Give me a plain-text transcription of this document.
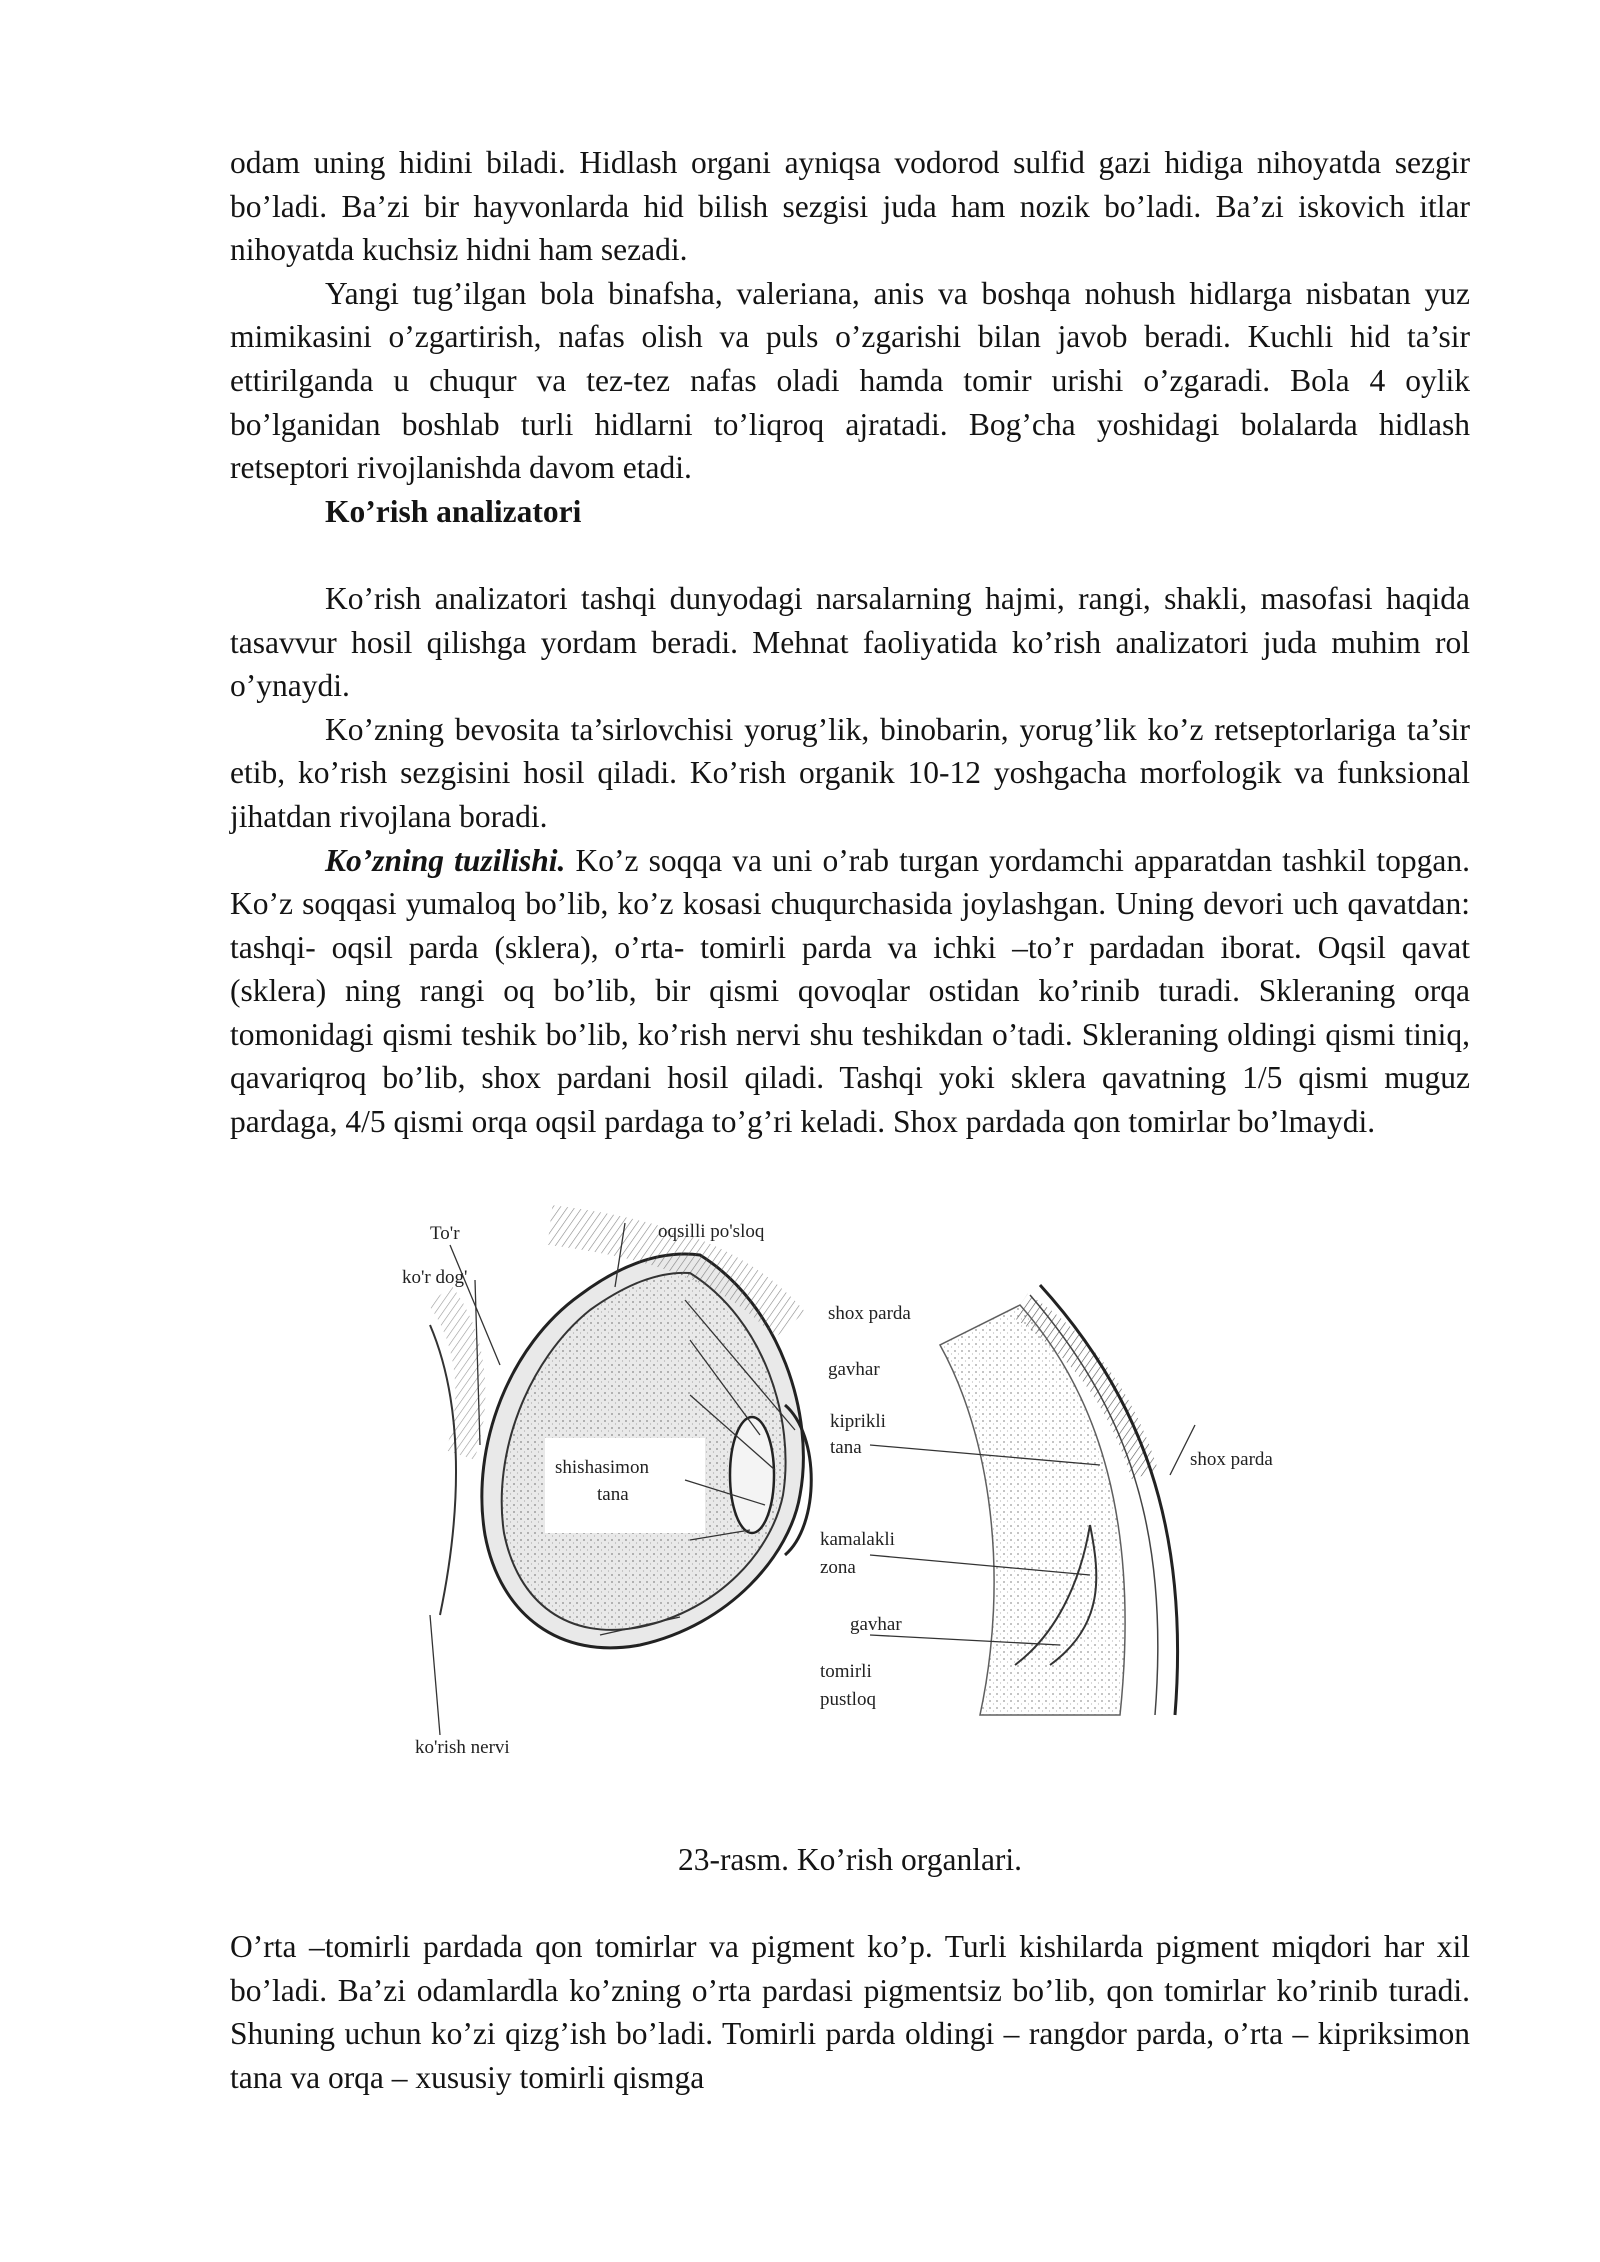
odam uning hidini biladi. Hidlash organi ayniqsa vodorod sulfid gazi hidiga nihoyatda sezgir bo’ladi. Ba’zi bir hayvonlarda hid bilish sezgisi juda ham nozik bo’ladi. Ba’zi iskovich itlar nihoyatda kuchsiz hidni ham sezadi.

Yangi tug’ilgan bola binafsha, valeriana, anis va boshqa nohush hidlarga nisbatan yuz mimikasini o’zgartirish, nafas olish va puls o’zgarishi bilan javob beradi. Kuchli hid ta’sir ettirilganda u chuqur va tez-tez nafas oladi hamda tomir urishi o’zgaradi. Bola 4 oylik bo’lganidan boshlab turli hidlarni to’liqroq ajratadi. Bog’cha yoshidagi bolalarda hidlash retseptori rivojlanishda davom etadi.

Ko’rish analizatori

Ko’rish analizatori tashqi dunyodagi narsalarning hajmi, rangi, shakli, masofasi haqida tasavvur hosil qilishga yordam beradi. Mehnat faoliyatida ko’rish analizatori juda muhim rol o’ynaydi.

Ko’zning bevosita ta’sirlovchisi yorug’lik, binobarin, yorug’lik ko’z retseptorlariga ta’sir etib, ko’rish sezgisini hosil qiladi. Ko’rish organik 10-12 yoshgacha morfologik va funksional jihatdan rivojlana boradi.

Ko’zning tuzilishi. Ko’z soqqa va uni o’rab turgan yordamchi apparatdan tashkil topgan. Ko’z soqqasi yumaloq bo’lib, ko’z kosasi chuqurchasida joylashgan. Uning devori uch qavatdan: tashqi- oqsil parda (sklera), o’rta- tomirli parda va ichki –to’r pardadan iborat. Oqsil qavat (sklera) ning rangi oq bo’lib, bir qismi qovoqlar ostidan ko’rinib turadi. Skleraning orqa tomonidagi qismi teshik bo’lib, ko’rish nervi shu teshikdan o’tadi. Skleraning oldingi qismi tiniq, qavariqroq bo’lib, shox pardani hosil qiladi. Tashqi yoki sklera qavatning 1/5 qismi muguz pardaga, 4/5 qismi orqa oqsil pardaga to’g’ri keladi. Shox pardada qon tomirlar bo’lmaydi.

To'r
ko'r dog'
oqsilli po'sloq
shox parda
gavhar
kiprikli
tana
shishasimon
tana
kamalakli
zona
gavhar
tomirli
pustloq
ko'rish nervi
shox parda
23-rasm. Ko’rish organlari.

O’rta –tomirli pardada qon tomirlar va pigment ko’p. Turli kishilarda pigment miqdori har xil bo’ladi. Ba’zi odamlardla ko’zning o’rta pardasi pigmentsiz bo’lib, qon tomirlar ko’rinib turadi. Shuning uchun ko’zi qizg’ish bo’ladi. Tomirli parda oldingi – rangdor parda, o’rta – kipriksimon tana va orqa – xususiy tomirli qismga
